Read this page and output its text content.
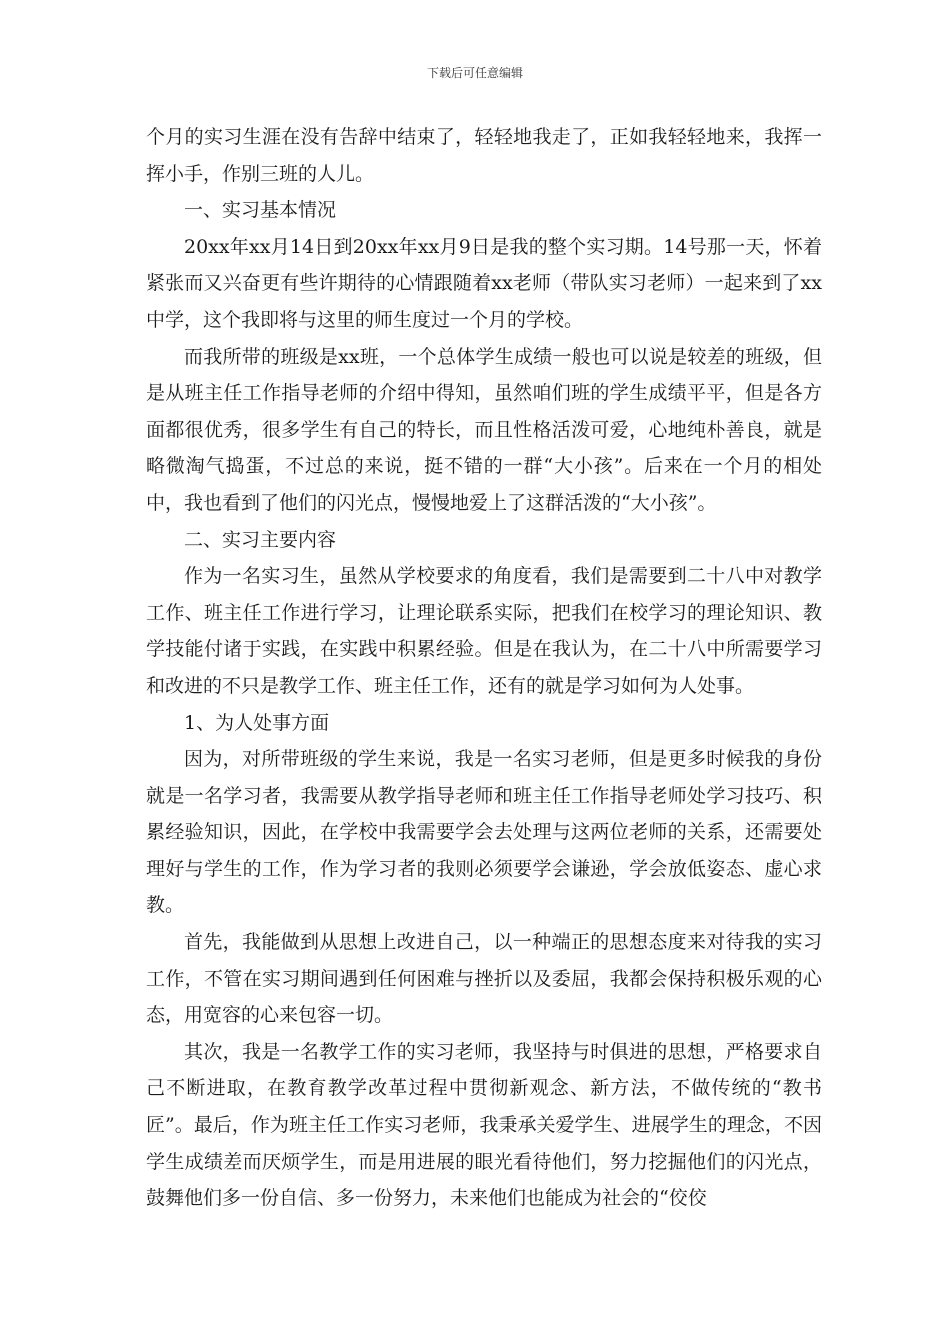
下载后可任意编辑

个月的实习生涯在没有告辞中结束了，轻轻地我走了，正如我轻轻地来，我挥一挥小手，作别三班的人儿。

一、实习基本情况

20xx年xx月14日到20xx年xx月9日是我的整个实习期。14号那一天，怀着紧张而又兴奋更有些许期待的心情跟随着xx老师（带队实习老师）一起来到了xx中学，这个我即将与这里的师生度过一个月的学校。

而我所带的班级是xx班，一个总体学生成绩一般也可以说是较差的班级，但是从班主任工作指导老师的介绍中得知，虽然咱们班的学生成绩平平，但是各方面都很优秀，很多学生有自己的特长，而且性格活泼可爱，心地纯朴善良，就是略微淘气捣蛋，不过总的来说，挺不错的一群“大小孩”。后来在一个月的相处中，我也看到了他们的闪光点，慢慢地爱上了这群活泼的“大小孩”。

二、实习主要内容

作为一名实习生，虽然从学校要求的角度看，我们是需要到二十八中对教学工作、班主任工作进行学习，让理论联系实际，把我们在校学习的理论知识、教学技能付诸于实践，在实践中积累经验。但是在我认为，在二十八中所需要学习和改进的不只是教学工作、班主任工作，还有的就是学习如何为人处事。

1、为人处事方面

因为，对所带班级的学生来说，我是一名实习老师，但是更多时候我的身份就是一名学习者，我需要从教学指导老师和班主任工作指导老师处学习技巧、积累经验知识，因此，在学校中我需要学会去处理与这两位老师的关系，还需要处理好与学生的工作，作为学习者的我则必须要学会谦逊，学会放低姿态、虚心求教。

首先，我能做到从思想上改进自己，以一种端正的思想态度来对待我的实习工作，不管在实习期间遇到任何困难与挫折以及委屈，我都会保持积极乐观的心态，用宽容的心来包容一切。

其次，我是一名教学工作的实习老师，我坚持与时俱进的思想，严格要求自己不断进取，在教育教学改革过程中贯彻新观念、新方法，不做传统的“教书匠”。最后，作为班主任工作实习老师，我秉承关爱学生、进展学生的理念，不因学生成绩差而厌烦学生，而是用进展的眼光看待他们，努力挖掘他们的闪光点，鼓舞他们多一份自信、多一份努力，未来他们也能成为社会的“佼佼
